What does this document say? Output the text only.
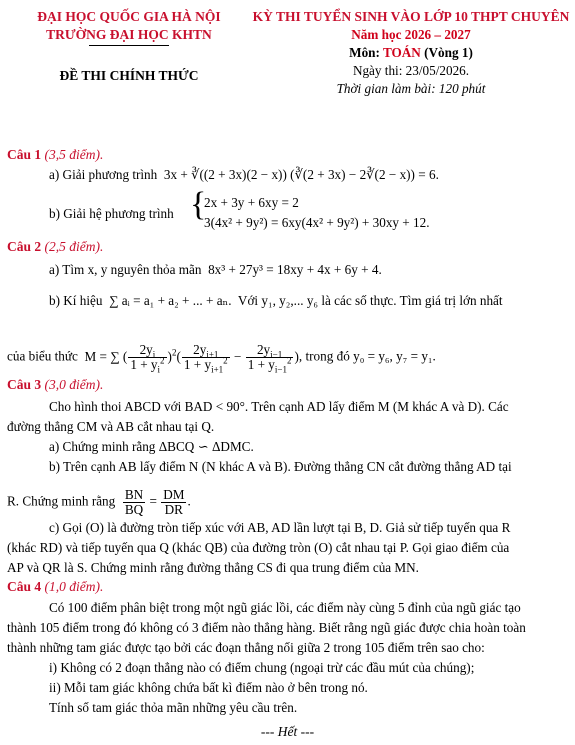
ĐẠI HỌC QUỐC GIA HÀ NỘI
TRƯỜNG ĐẠI HỌC KHTN
ĐỀ THI CHÍNH THỨC
KỲ THI TUYỂN SINH VÀO LỚP 10 THPT CHUYÊN
Năm học 2026 – 2027
Môn: TOÁN (Vòng 1)
Ngày thi: 23/05/2026.
Thời gian làm bài: 120 phút
Câu 1 (3,5 điểm).
a) Giải phương trình 3x + ∛((2 + 3x)(2 − x)) (∛(2 + 3x) − 2∛(2 − x)) = 6.
b) Giải hệ phương trình {
2x + 3y + 6xy = 2
3(4x² + 9y²) = 6xy(4x² + 9y²) + 30xy + 12.
Câu 2 (2,5 điểm).
a) Tìm x, y nguyên thỏa mãn 8x³ + 27y³ = 18xy + 4x + 6y + 4.
b) Kí hiệu ∑ aᵢ = a₁ + a₂ + ... + aₙ. Với y₁, y₂,... y₆ là các số thực. Tìm giá trị lớn nhất
của biểu thức M = ∑ ( $\frac{2y_i}{1 + y_i^2} )^2( \frac{2y_{i+1}}{1 + y_{i+1}^2} - \frac{2y_{i-1}}{1 + y_{i-1}^2}$ ), trong đó y₀ = y₆, y₇ = y₁.
Câu 3 (3,0 điểm).
Cho hình thoi ABCD với BAD < 90°. Trên cạnh AD lấy điểm M (M khác A và D). Các
đường thẳng CM và AB cắt nhau tại Q.
a) Chứng minh rằng ΔBCQ ∽ ΔDMC.
b) Trên cạnh AB lấy điểm N (N khác A và B). Đường thẳng CN cắt đường thẳng AD tại
R. Chứng minh rằng $\frac{BN}{BQ} = \frac{DM}{DR}$ .
c) Gọi (O) là đường tròn tiếp xúc với AB, AD lần lượt tại B, D. Giả sử tiếp tuyến qua R
(khác RD) và tiếp tuyến qua Q (khác QB) của đường tròn (O) cắt nhau tại P. Gọi giao điểm của
AP và QR là S. Chứng minh rằng đường thẳng CS đi qua trung điểm của MN.
Câu 4 (1,0 điểm).
Có 100 điểm phân biệt trong một ngũ giác lồi, các điểm này cùng 5 đỉnh của ngũ giác tạo
thành 105 điểm trong đó không có 3 điểm nào thẳng hàng. Biết rằng ngũ giác được chia hoàn toàn
thành những tam giác được tạo bởi các đoạn thẳng nối giữa 2 trong 105 điểm trên sao cho:
i) Không có 2 đoạn thẳng nào có điểm chung (ngoại trừ các đầu mút của chúng);
ii) Mỗi tam giác không chứa bất kì điểm nào ở bên trong nó.
Tính số tam giác thỏa mãn những yêu cầu trên.
--- Hết ---
